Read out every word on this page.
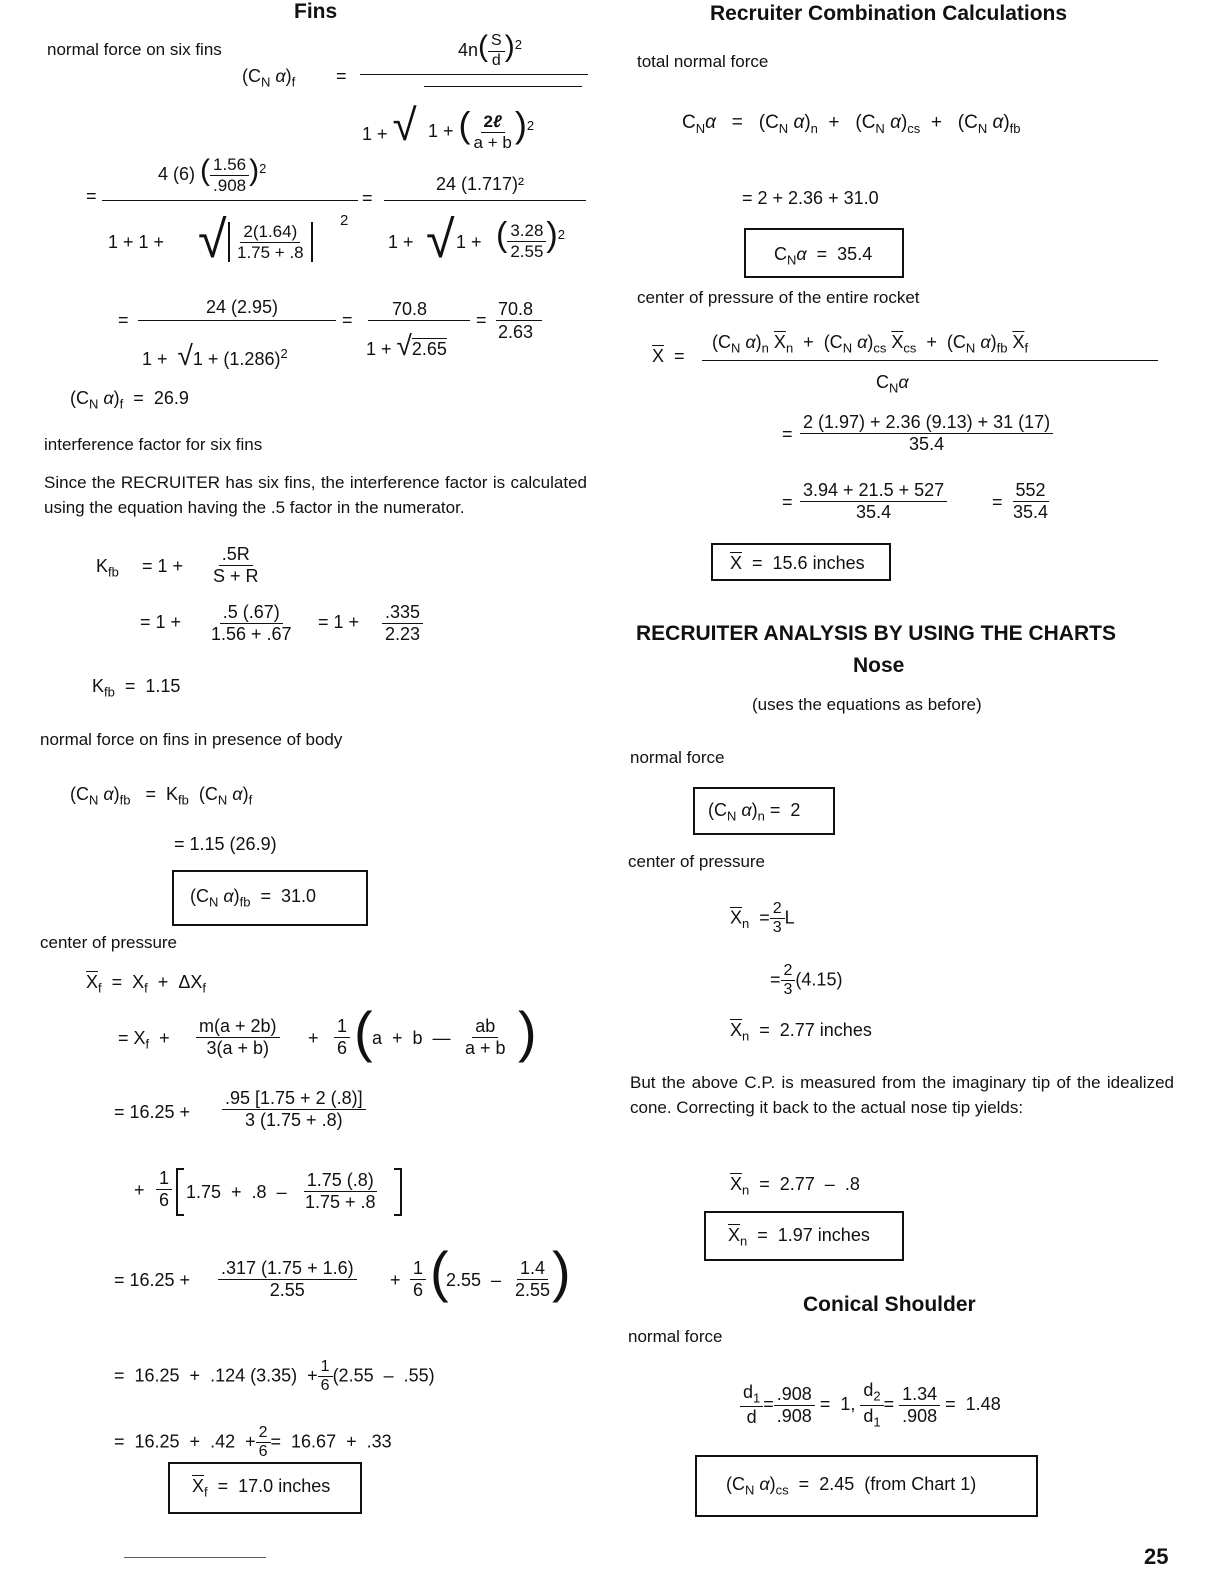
Fins
normal force on six fins
($C_N$ $\alpha)_f$ =
$4n( \frac{S}{d} )^2$
1 + √ 1 + ( $\frac{\text{2ℓ}}{a + b} )^2$
=
4 (6) ( $\frac{1.56}{.908} )^2$
1 + 1 + √ $\frac{2(1.64)}{1.75 + .8}$
2
=
24 (1.717)²
1 + √ 1 + ( $\frac{3.28}{2.55} )^2$
=
24 (2.95)
$1 + √1 + (1.286)^2$
=
70.8
1 + √2.65
=
70.8
2.63
($C_N$ $\alpha)_f = 26.9$
interference factor for six fins
Since the RECRUITER has six fins, the interference factor is calculated using the equation having the .5 factor in the numerator.
$K_{fb} = 1 + \frac{.5R}{S + R}$
= $1 + \frac{.5 (.67)}{1.56 + .67} = 1 + \frac{.335}{2.23}$
$K_{fb} = 1.15$
normal force on fins in presence of body
($C_N$ $\alpha)_{fb} = K_{fb}$  ($C_N$ $\alpha)_f$
= 1.15 (26.9)
($C_N$ $\alpha)_{fb} = 31.0$
center of pressure
$\overline{X}_f = X_f + \Delta X_f$
= $X_f + \frac{m(a + 2b)}{3(a + b)} + \frac{1}{6}$ ( a  +  b  — $\frac{ab}{a + b}$ )
= $16.25 + \frac{.95 [1.75 + 2 (.8)]}{3 (1.75 + .8)}$
+ $\frac{1}{6} 1.75 + .8 - \frac{1.75 (.8)}{1.75 + .8}$
= $16.25 + \frac{.317 (1.75 + 1.6)}{2.55} + \frac{1}{6}$ (
$2.55 - \frac{1.4}{2.55}$
)
=  16.25  +  .124 $(3.35) + \frac{1}{6} (2.55 - .55)$
=  $16.25 + .42 + \frac{2}{6} = 16.67 + .33$
$\overline{X}_f = 17.0$ inches
Recruiter Combination Calculations
total normal force
$C_N\alpha = (C_N$ $\alpha)_n + (C_N$ $\alpha)_{cs} + (C_N$ $\alpha)_{fb}$
= 2 + 2.36 + 31.0
$C_N\alpha = 35.4$
center of pressure of the entire rocket
$\overline{X}$  =
($C_N$ $\alpha)_n$ $\overline{X}_n + (C_N$ $\alpha)_{cs}$ $\overline{X}_{cs} + (C_N$ $\alpha)_{fb}$ $\overline{X}_f$
$C_N\alpha$
= $\frac{2 (1.97) + 2.36 (9.13) + 31 (17)}{35.4}$
= $\frac{3.94 + 21.5 + 527}{35.4} = \frac{552}{35.4}$
$\overline{X} = 15.6$ inches
RECRUITER ANALYSIS BY USING THE CHARTS
Nose
(uses the equations as before)
normal force
($C_N$ $\alpha)_n = 2$
center of pressure
$\overline{X}_n = \frac{2}{3}$ L
= $\frac{2}{3} (4.15)$
$\overline{X}_n = 2.77$ inches
But the above C.P. is measured from the imaginary tip of the idealized cone. Correcting it back to the actual nose tip yields:
$\overline{X}_n = 2.77 - .8$
$\overline{X}_n = 1.97$ inches
Conical Shoulder
normal force
$\frac{d_1}{d} = \frac{.908}{.908} = 1$, $\frac{d_2}{d_1} = \frac{1.34}{.908} = 1.48$
($C_N$ $\alpha)_{cs} = 2.45$  (from Chart 1)
25
